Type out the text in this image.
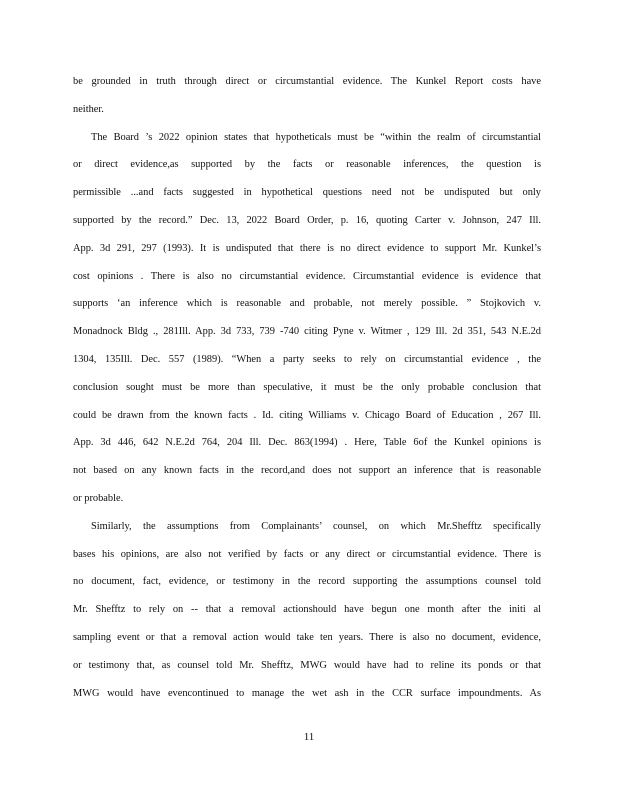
be grounded in truth through direct or circumstantial evidence. The Kunkel Report costs have
neither.
The Board ’s 2022 opinion states that hypotheticals must be “within the realm of circumstantial
or direct evidence,as supported by the facts or reasonable inferences, the question is
permissible ...and facts suggested in hypothetical questions need not be undisputed but only
supported by the record.” Dec. 13, 2022 Board Order, p. 16, quoting Carter v. Johnson, 247 Ill.
App. 3d 291, 297 (1993). It is undisputed that there is no direct evidence to support Mr. Kunkel’s
cost opinions . There is also no circumstantial evidence. Circumstantial evidence is evidence that
supports ‘an inference which is reasonable and probable, not merely possible. ” Stojkovich v.
Monadnock Bldg ., 281Ill. App. 3d 733, 739 -740 citing Pyne v. Witmer , 129 Ill. 2d 351, 543 N.E.2d
1304, 135Ill. Dec. 557 (1989). “When a party seeks to rely on circumstantial evidence , the
conclusion sought must be more than speculative, it must be the only probable conclusion that
could be drawn from the known facts . Id. citing Williams v. Chicago Board of Education , 267 Ill.
App. 3d 446, 642 N.E.2d 764, 204 Ill. Dec. 863(1994) . Here, Table 6of the Kunkel opinions is
not based on any known facts in the record,and does not support an inference that is reasonable
or probable.
Similarly, the assumptions from Complainants’ counsel, on which Mr.Shefftz specifically
bases his opinions, are also not verified by facts or any direct or circumstantial evidence. There is
no document, fact, evidence, or testimony in the record supporting the assumptions counsel told
Mr. Shefftz to rely on -- that a removal actionshould have begun one month after the initi al
sampling event or that a removal action would take ten years. There is also no document, evidence,
or testimony that, as counsel told Mr. Shefftz, MWG would have had to reline its ponds or that
MWG would have evencontinued to manage the wet ash in the CCR surface impoundments. As
11
